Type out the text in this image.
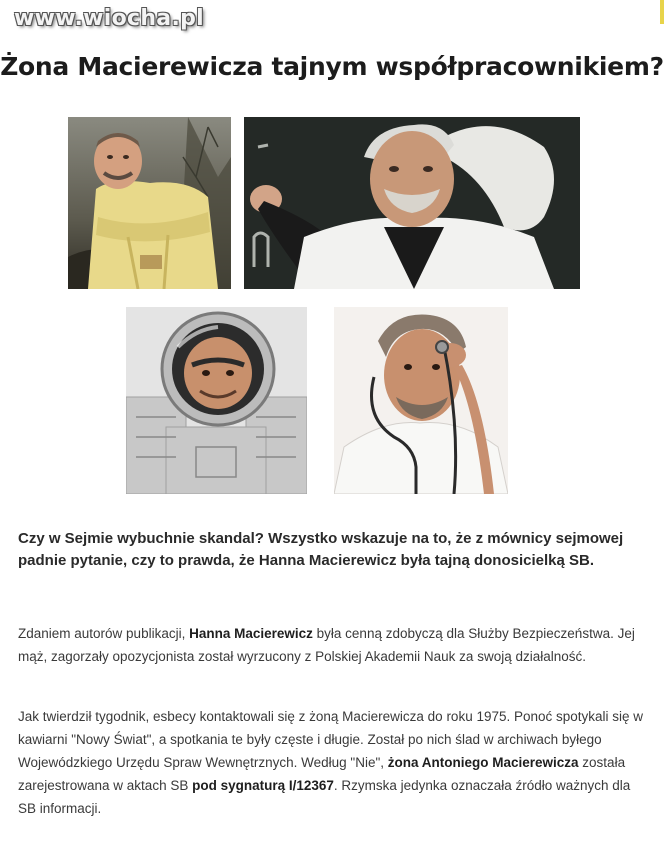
www.wiocha.pl
Żona Macierewicza tajnym współpracownikiem?

Czy w Sejmie wybuchnie skandal? Wszystko wskazuje na to, że z mównicy sejmowej padnie pytanie, czy to prawda, że Hanna Macierewicz była tajną donosicielką SB.

Zdaniem autorów publikacji, Hanna Macierewicz była cenną zdobyczą dla Służby Bezpieczeństwa. Jej mąż, zagorzały opozycjonista został wyrzucony z Polskiej Akademii Nauk za swoją działalność.

Jak twierdził tygodnik, esbecy kontaktowali się z żoną Macierewicza do roku 1975. Ponoć spotykali się w kawiarni "Nowy Świat", a spotkania te były częste i długie. Został po nich ślad w archiwach byłego Wojewódzkiego Urzędu Spraw Wewnętrznych. Według "Nie", żona Antoniego Macierewicza została zarejestrowana w aktach SB pod sygnaturą I/12367. Rzymska jedynka oznaczała źródło ważnych dla SB informacji.
